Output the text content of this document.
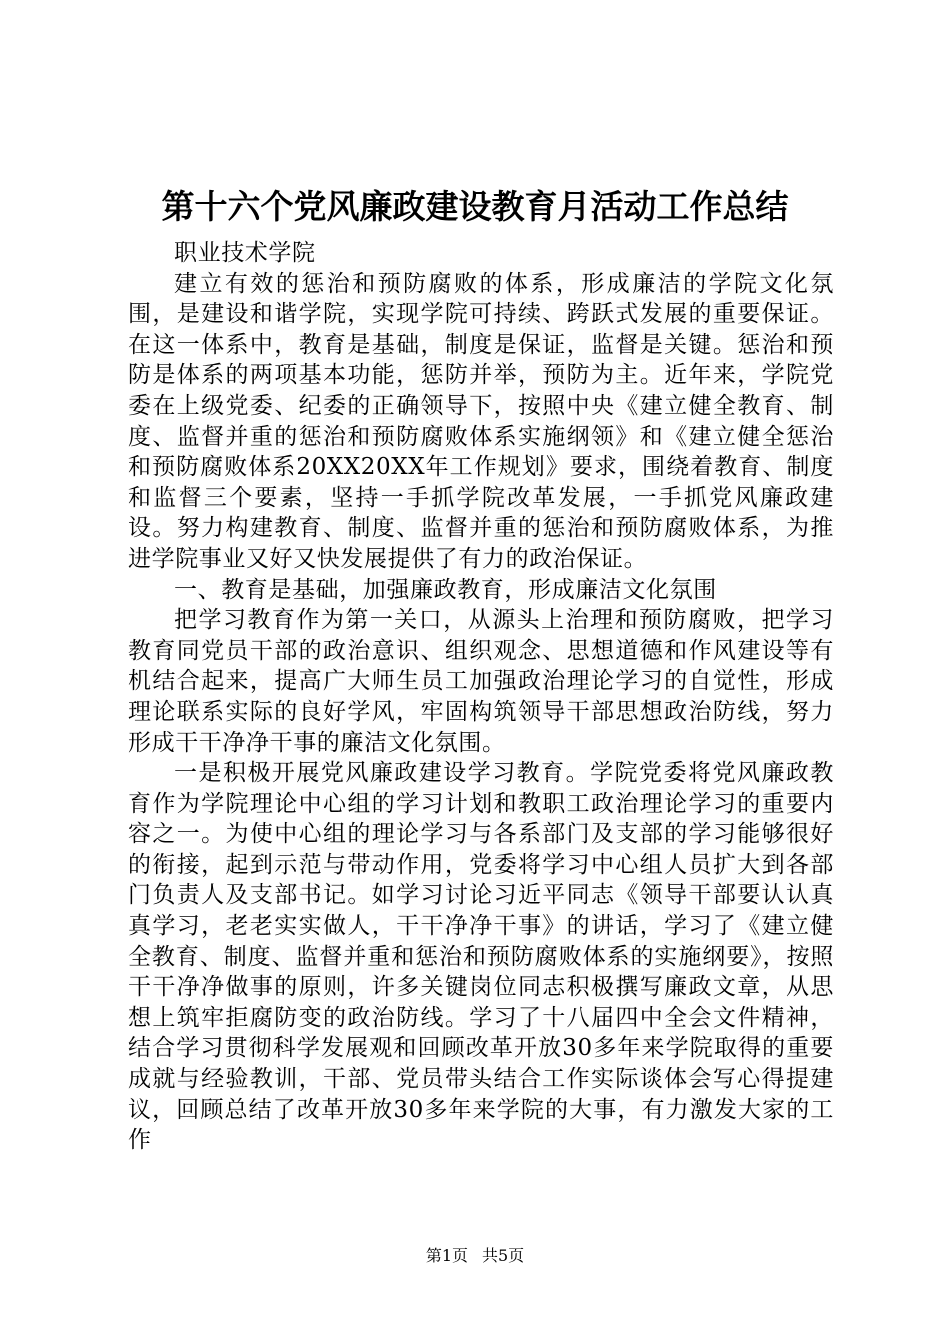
第十六个党风廉政建设教育月活动工作总结

职业技术学院

建立有效的惩治和预防腐败的体系，形成廉洁的学院文化氛围，是建设和谐学院，实现学院可持续、跨跃式发展的重要保证。在这一体系中，教育是基础，制度是保证，监督是关键。惩治和预防是体系的两项基本功能，惩防并举，预防为主。近年来，学院党委在上级党委、纪委的正确领导下，按照中央《建立健全教育、制度、监督并重的惩治和预防腐败体系实施纲领》和《建立健全惩治和预防腐败体系20XX20XX年工作规划》要求，围绕着教育、制度和监督三个要素，坚持一手抓学院改革发展，一手抓党风廉政建设。努力构建教育、制度、监督并重的惩治和预防腐败体系，为推进学院事业又好又快发展提供了有力的政治保证。

一、教育是基础，加强廉政教育，形成廉洁文化氛围

把学习教育作为第一关口，从源头上治理和预防腐败，把学习教育同党员干部的政治意识、组织观念、思想道德和作风建设等有机结合起来，提高广大师生员工加强政治理论学习的自觉性，形成理论联系实际的良好学风，牢固构筑领导干部思想政治防线，努力形成干干净净干事的廉洁文化氛围。

一是积极开展党风廉政建设学习教育。学院党委将党风廉政教育作为学院理论中心组的学习计划和教职工政治理论学习的重要内容之一。为使中心组的理论学习与各系部门及支部的学习能够很好的衔接，起到示范与带动作用，党委将学习中心组人员扩大到各部门负责人及支部书记。如学习讨论习近平同志《领导干部要认认真真学习，老老实实做人，干干净净干事》的讲话，学习了《建立健全教育、制度、监督并重和惩治和预防腐败体系的实施纲要》，按照干干净净做事的原则，许多关键岗位同志积极撰写廉政文章，从思想上筑牢拒腐防变的政治防线。学习了十八届四中全会文件精神，结合学习贯彻科学发展观和回顾改革开放30多年来学院取得的重要成就与经验教训，干部、党员带头结合工作实际谈体会写心得提建议，回顾总结了改革开放30多年来学院的大事，有力激发大家的工作

第1页 共5页
